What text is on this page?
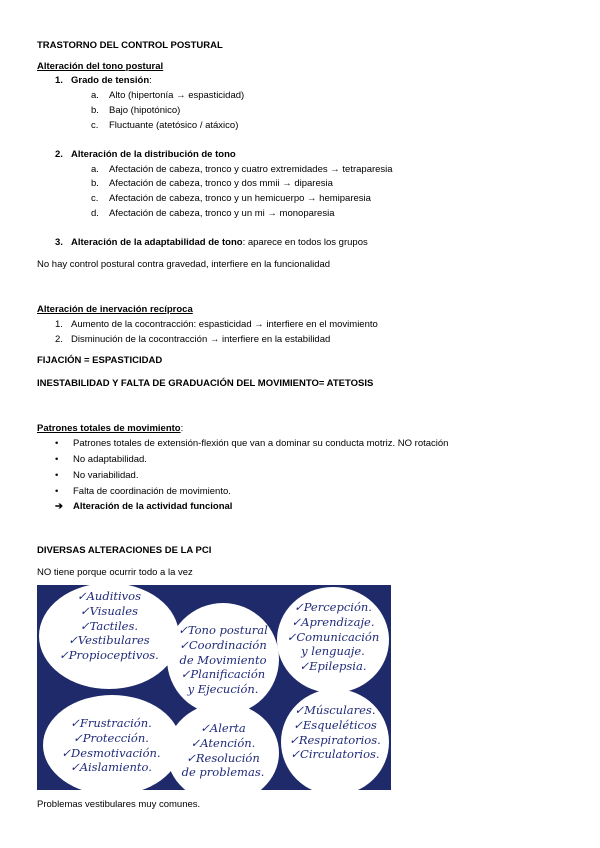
TRASTORNO DEL CONTROL POSTURAL
Alteración del tono postural
1. Grado de tensión:
a. Alto (hipertonía → espasticidad)
b. Bajo (hipotónico)
c. Fluctuante (atetósico / atáxico)
2. Alteración de la distribución de tono
a. Afectación de cabeza, tronco y cuatro extremidades → tetraparesia
b. Afectación de cabeza, tronco y dos mmii → diparesia
c. Afectación de cabeza, tronco y un hemicuerpo → hemiparesia
d. Afectación de cabeza, tronco y un mi → monoparesia
3. Alteración de la adaptabilidad de tono: aparece en todos los grupos
No hay control postural contra gravedad, interfiere en la funcionalidad
Alteración de inervación recíproca
1. Aumento de la cocontracción: espasticidad → interfiere en el movimiento
2. Disminución de la cocontracción → interfiere en la estabilidad
FIJACIÓN = ESPASTICIDAD
INESTABILIDAD Y FALTA DE GRADUACIÓN DEL MOVIMIENTO= ATETOSIS
Patrones totales de movimiento:
• Patrones totales de extensión-flexión que van a dominar su conducta motriz. NO rotación
• No adaptabilidad.
• No variabilidad.
• Falta de coordinación de movimiento.
➔ Alteración de la actividad funcional
DIVERSAS ALTERACIONES DE LA PCI
NO tiene porque ocurrir todo a la vez
✓Auditivos
✓Visuales
✓Tactiles.
✓Vestibulares
✓Propioceptivos.
✓Tono postural
✓Coordinación
de Movimiento
✓Planificación
y Ejecución.
✓Percepción.
✓Aprendizaje.
✓Comunicación
y lenguaje.
✓Epilepsia.
✓Frustración.
✓Protección.
✓Desmotivación.
✓Aislamiento.
✓Alerta
✓Atención.
✓Resolución
de problemas.
✓Músculares.
✓Esqueléticos
✓Respiratorios.
✓Circulatorios.
Problemas vestibulares muy comunes.
